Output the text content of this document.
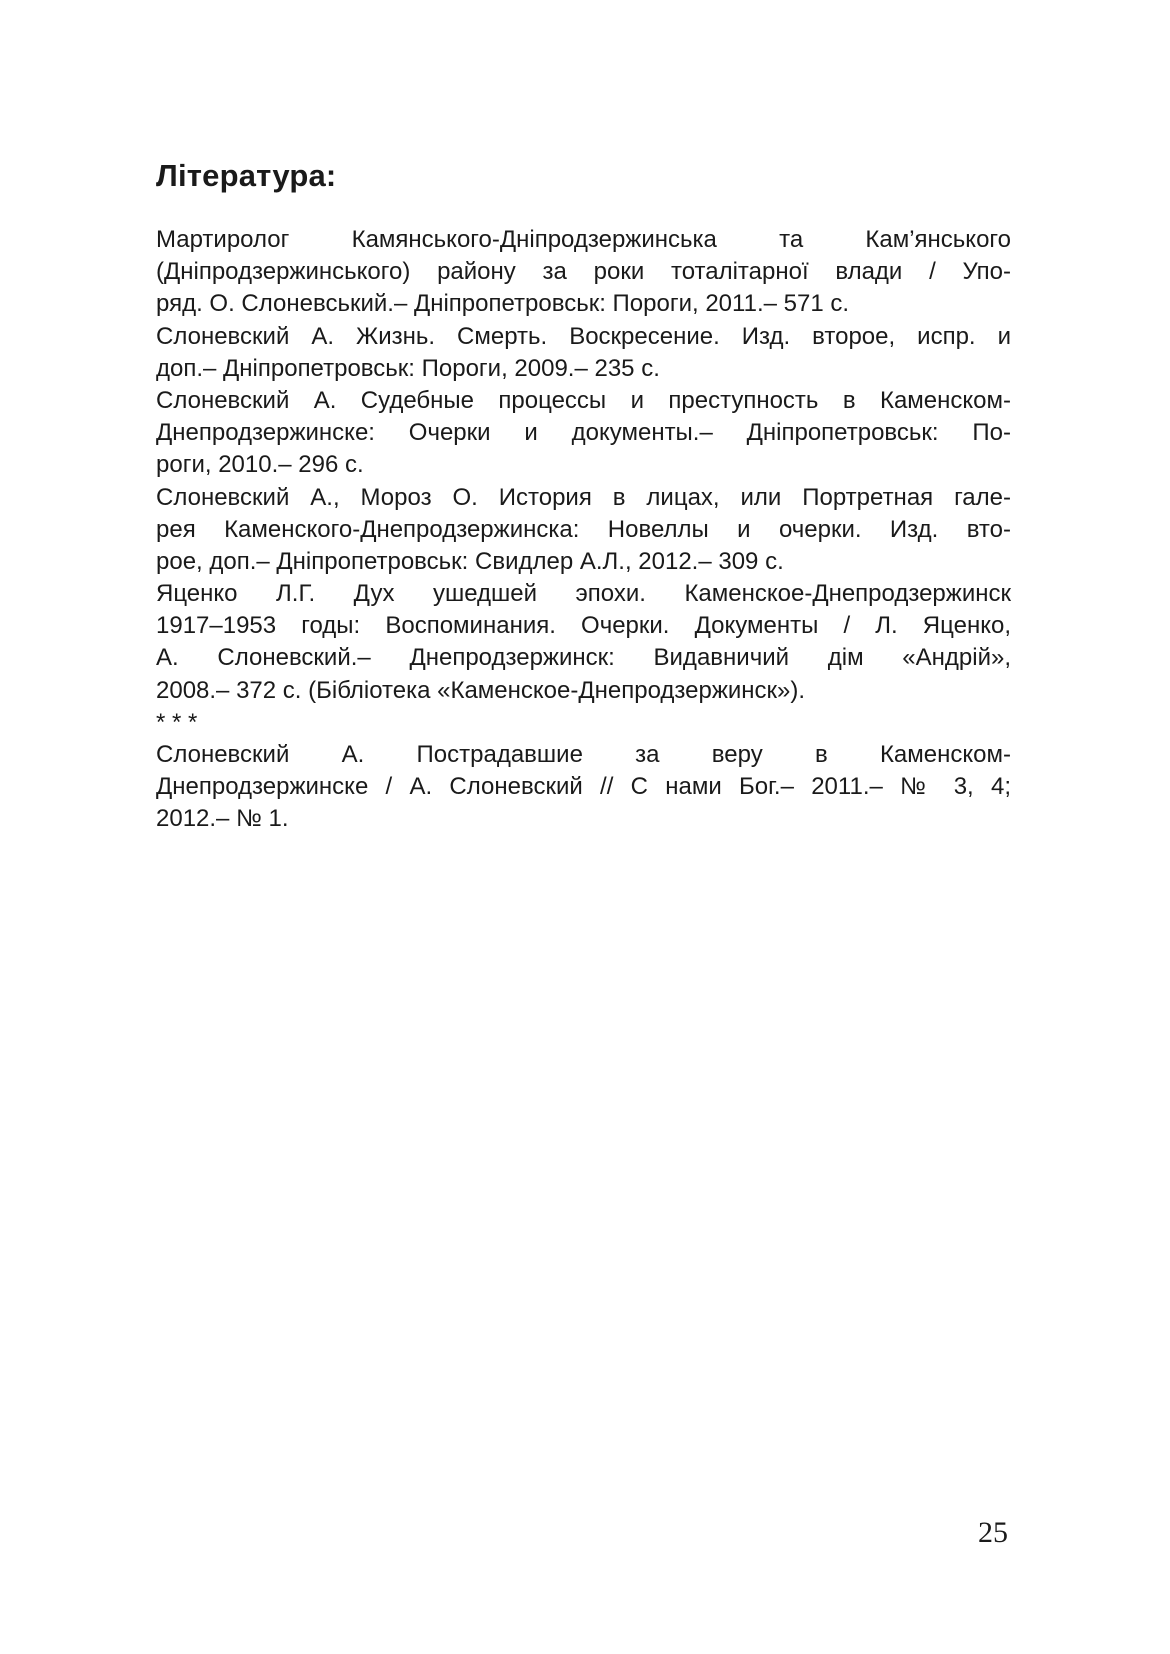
Література:
Мартиролог Камянського-Дніпродзержинська та Кам’янського
(Дніпродзержинського) району за роки тоталітарної влади / Упо-
ряд. О. Слоневський.– Дніпропетровськ: Пороги, 2011.– 571 с.
Слоневский А. Жизнь. Смерть. Воскресение. Изд. второе, испр. и
доп.– Дніпропетровськ: Пороги, 2009.– 235 с.
Слоневский А. Судебные процессы и преступность в Каменском-
Днепродзержинске: Очерки и документы.– Дніпропетровськ: По-
роги, 2010.– 296 с.
Слоневский А., Мороз О. История в лицах, или Портретная гале-
рея Каменского-Днепродзержинска: Новеллы и очерки. Изд. вто-
рое, доп.– Дніпропетровськ: Свидлер А.Л., 2012.– 309 с.
Яценко Л.Г. Дух ушедшей эпохи. Каменское-Днепродзержинск
1917–1953 годы: Воспоминания. Очерки. Документы / Л. Яценко,
А. Слоневский.– Днепродзержинск: Видавничий дім «Андрій»,
2008.– 372 с. (Бібліотека «Каменское-Днепродзержинск»).
* * *
Слоневский А. Пострадавшие за веру в Каменском-
Днепродзержинске / А. Слоневский // С нами Бог.– 2011.– № 3, 4;
2012.– № 1.

25
